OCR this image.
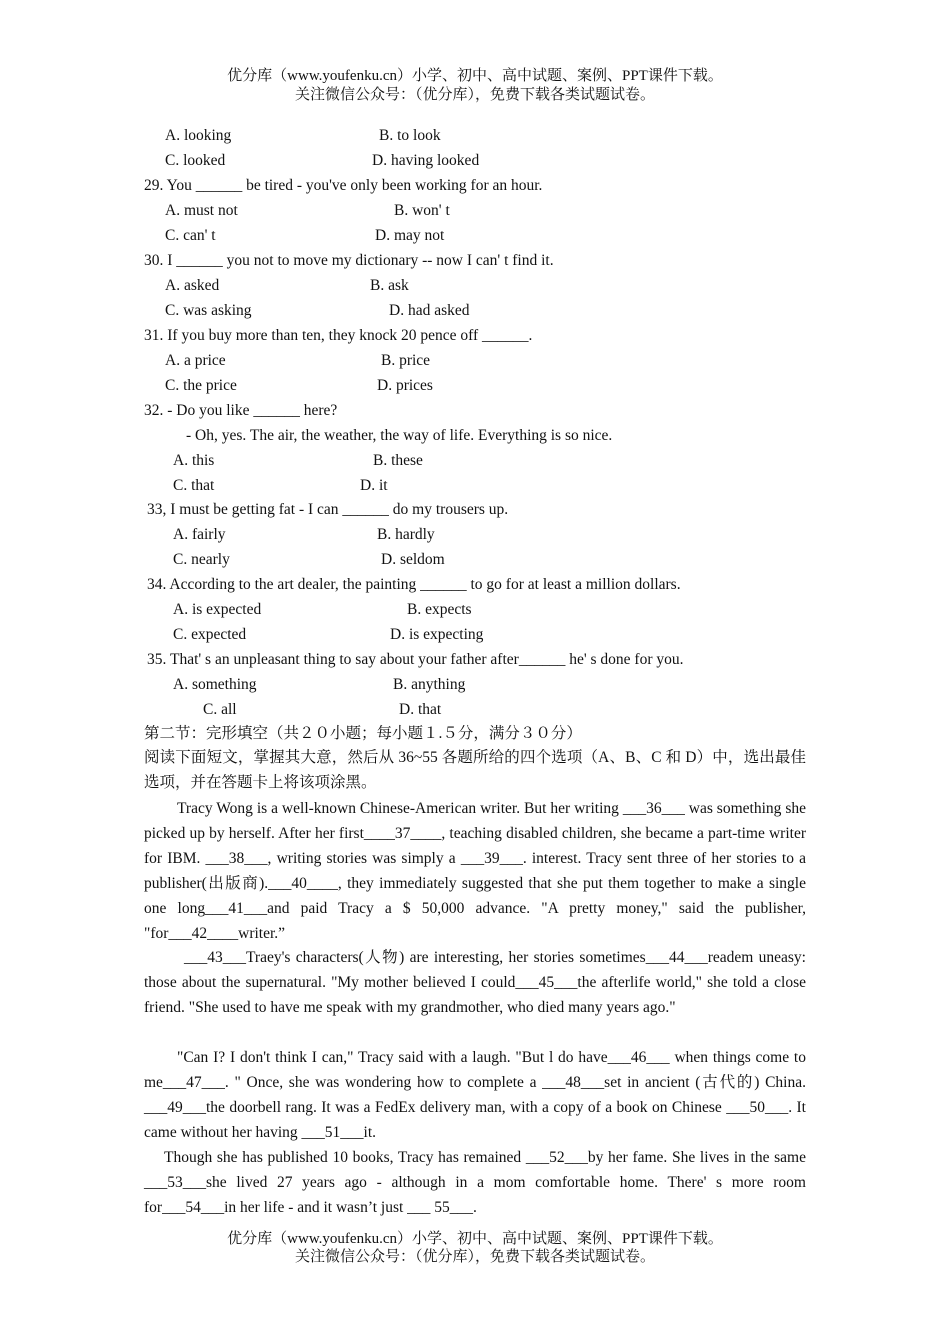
优分库（www.youfenku.cn）小学、初中、高中试题、案例、PPT课件下载。
关注微信公众号：（优分库），免费下载各类试题试卷。
A. looking	B. to look
C. looked	D. having looked
29. You ______ be tired - you've only been working for an hour.
A. must not	B. won' t
C. can' t	D. may not
30. I ______ you not to move my dictionary -- now I can' t find it.
A. asked	B. ask
C. was asking	D. had asked
31. If you buy more than ten, they knock 20 pence off ______.
A. a price	B. price
C. the price	D. prices
32. - Do you like ______ here?
- Oh, yes. The air, the weather, the way of life. Everything is so nice.
A. this	B. these
C. that	D. it
33, I must be getting fat - I can ______ do my trousers up.
A. fairly	B. hardly
C. nearly	D. seldom
34. According to the art dealer, the painting ______ to go for at least a million dollars.
A. is expected	B. expects
C. expected	D. is expecting
35. That' s an unpleasant thing to say about your father after______ he' s done for you.
A. something	B. anything
C. all	D. that
第二节：完形填空（共２０小题；每小题１.５分，满分３０分）
阅读下面短文，掌握其大意，然后从 36~55 各题所给的四个选项（A、B、C 和 D）中，选出最佳选项，并在答题卡上将该项涂黑。
Tracy Wong is a well-known Chinese-American writer. But her writing ___36___ was something she picked up by herself. After her first____37____, teaching disabled children, she became a part-time writer for IBM. ___38___, writing stories was simply a ___39___. interest. Tracy sent three of her stories to a publisher(出版商).___40____, they immediately suggested that she put them together to make a single one long___41___and paid Tracy a $ 50,000 advance. "A pretty money," said the publisher, "for___42____writer.”
___43___Traey's characters(人物) are interesting, her stories sometimes___44___readem uneasy: those about the supernatural. "My mother believed I could___45___the afterlife world," she told a close friend. "She used to have me speak with my grandmother, who died many years ago."
"Can I? I don't think I can," Tracy said with a laugh. "But l do have___46___ when things come to me___47___. " Once, she was wondering how to complete a ___48___set in ancient (古代的) China. ___49___the doorbell rang. It was a FedEx delivery man, with a copy of a book on Chinese ___50___. It came without her having ___51___it.
Though she has published 10 books, Tracy has remained ___52___by her fame. She lives in the same ___53___she lived 27 years ago - although in a mom comfortable home. There' s more room for___54___in her life - and it wasn’t just ___ 55___.
优分库（www.youfenku.cn）小学、初中、高中试题、案例、PPT课件下载。
关注微信公众号：（优分库），免费下载各类试题试卷。
